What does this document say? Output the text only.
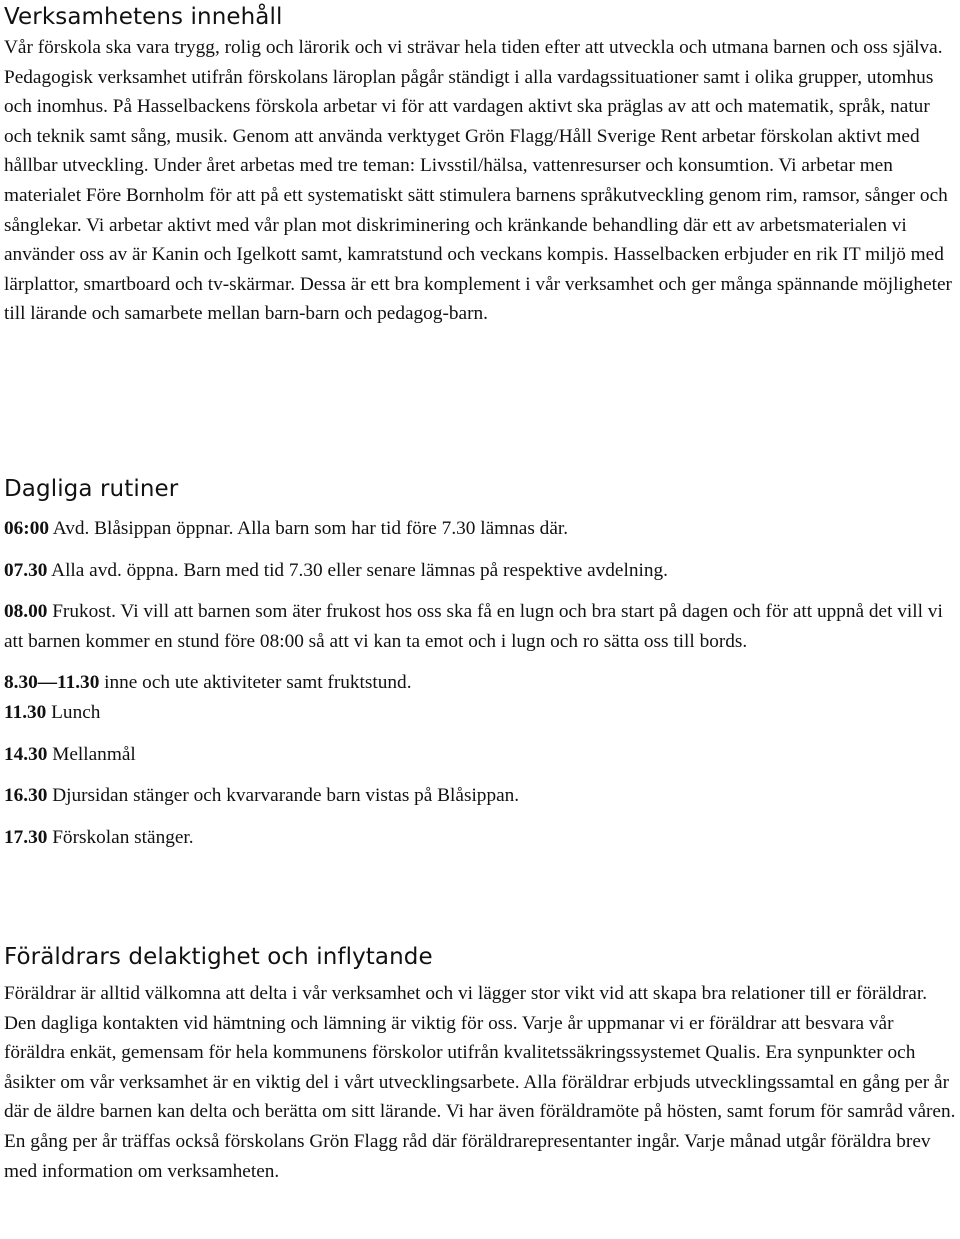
Verksamhetens innehåll

Vår förskola ska vara trygg, rolig och lärorik och vi strävar hela tiden efter att utveckla och utmana barnen och oss själva. Pedagogisk verksamhet utifrån förskolans läroplan pågår ständigt i alla vardagssituationer samt i olika grupper, utomhus och inomhus. På Hasselbackens förskola arbetar vi för att vardagen aktivt ska präglas av att och matematik, språk, natur och teknik samt sång, musik. Genom att använda verktyget Grön Flagg/Håll Sverige Rent arbetar förskolan aktivt med hållbar utveckling. Under året arbetas med tre teman: Livsstil/hälsa, vattenresurser och konsumtion. Vi arbetar men materialet Före Bornholm för att på ett systematiskt sätt stimulera barnens språkutveckling genom rim, ramsor, sånger och sånglekar. Vi arbetar aktivt med vår plan mot diskriminering och kränkande behandling där ett av arbetsmaterialen vi använder oss av är Kanin och Igelkott samt, kamratstund och veckans kompis. Hasselbacken erbjuder en rik IT miljö med lärplattor, smartboard och tv-skärmar. Dessa är ett bra komplement i vår verksamhet och ger många spännande möjligheter till lärande och samarbete mellan barn-barn och pedagog-barn.

Dagliga rutiner

06:00 Avd. Blåsippan öppnar. Alla barn som har tid före 7.30 lämnas där.

07.30 Alla avd. öppna. Barn med tid 7.30 eller senare lämnas på respektive avdelning.

08.00 Frukost. Vi vill att barnen som äter frukost hos oss ska få en lugn och bra start på dagen och för att uppnå det vill vi att barnen kommer en stund före 08:00 så att vi kan ta emot och i lugn och ro sätta oss till bords.

8.30—11.30 inne och ute aktiviteter samt fruktstund.

11.30 Lunch

14.30 Mellanmål

16.30 Djursidan stänger och kvarvarande barn vistas på Blåsippan.

17.30 Förskolan stänger.

Föräldrars delaktighet och inflytande

Föräldrar är alltid välkomna att delta i vår verksamhet och vi lägger stor vikt vid att skapa bra relationer till er föräldrar. Den dagliga kontakten vid hämtning och lämning är viktig för oss. Varje år uppmanar vi er föräldrar att besvara vår föräldra enkät, gemensam för hela kommunens förskolor utifrån kvalitetssäkringssystemet Qualis. Era synpunkter och åsikter om vår verksamhet är en viktig del i vårt utvecklingsarbete. Alla föräldrar erbjuds utvecklingssamtal en gång per år där de äldre barnen kan delta och berätta om sitt lärande. Vi har även föräldramöte på hösten, samt forum för samråd våren. En gång per år träffas också förskolans Grön Flagg råd där föräldrarepresentanter ingår. Varje månad utgår föräldra brev med information om verksamheten.
